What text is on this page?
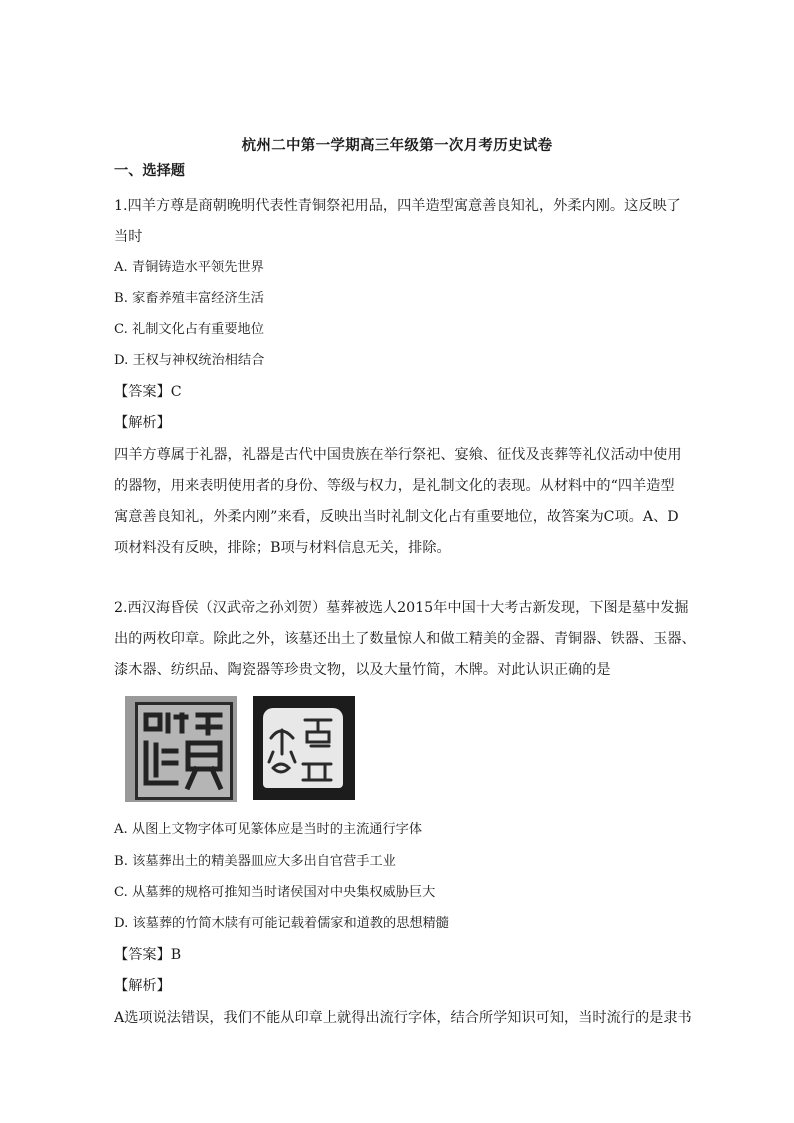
杭州二中第一学期高三年级第一次月考历史试卷
一、选择题
1.四羊方尊是商朝晚明代表性青铜祭祀用品，四羊造型寓意善良知礼，外柔内刚。这反映了
当时
A. 青铜铸造水平领先世界
B. 家畜养殖丰富经济生活
C. 礼制文化占有重要地位
D. 王权与神权统治相结合
【答案】C
【解析】
四羊方尊属于礼器，礼器是古代中国贵族在举行祭祀、宴飨、征伐及丧葬等礼仪活动中使用
的器物，用来表明使用者的身份、等级与权力，是礼制文化的表现。从材料中的“四羊造型
寓意善良知礼，外柔内刚”来看，反映出当时礼制文化占有重要地位，故答案为C项。A、D
项材料没有反映，排除；B项与材料信息无关，排除。
2.西汉海昏侯（汉武帝之孙刘贺）墓葬被选人2015年中国十大考古新发现，下图是墓中发掘
出的两枚印章。除此之外，该墓还出土了数量惊人和做工精美的金器、青铜器、铁器、玉器、
漆木器、纺织品、陶瓷器等珍贵文物，以及大量竹简，木牌。对此认识正确的是
A. 从图上文物字体可见篆体应是当时的主流通行字体
B. 该墓葬出土的精美器皿应大多出自官营手工业
C. 从墓葬的规格可推知当时诸侯国对中央集权威胁巨大
D. 该墓葬的竹简木牍有可能记载着儒家和道教的思想精髓
【答案】B
【解析】
A选项说法错误，我们不能从印章上就得出流行字体，结合所学知识可知，当时流行的是隶书
